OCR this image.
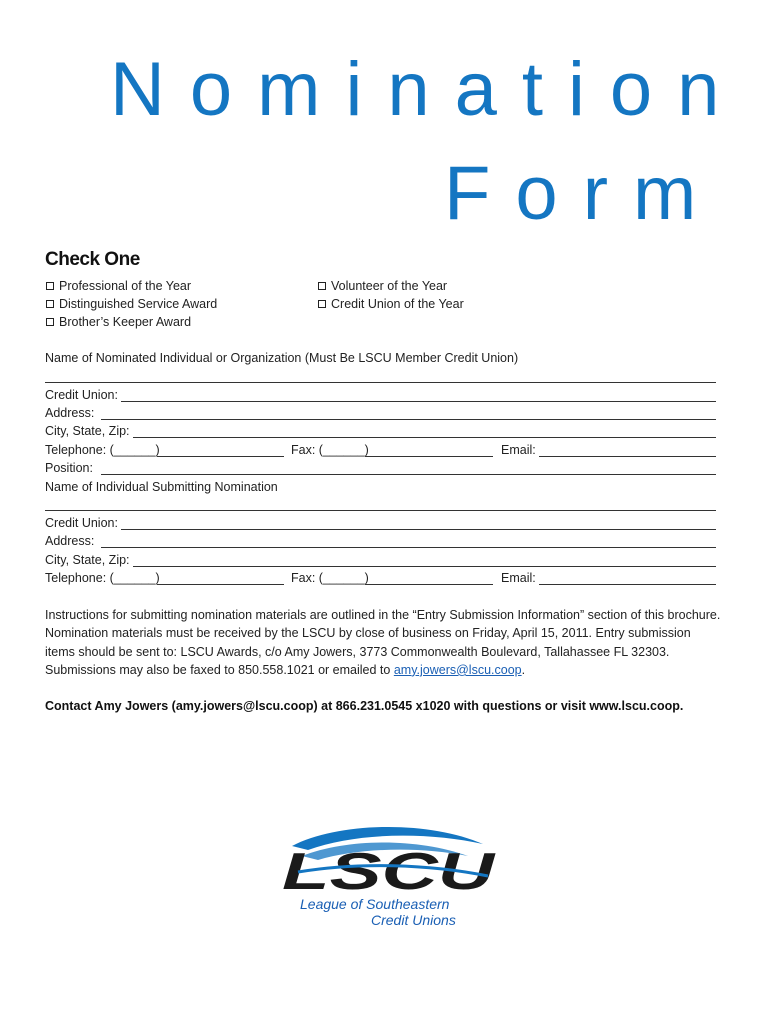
Nomination
Form
Check One
Professional of the Year
Distinguished Service Award
Brother’s Keeper Award
Volunteer of the Year
Credit Union of the Year
Name of Nominated Individual or Organization (Must Be LSCU Member Credit Union)
Credit Union:
Address:
City, State, Zip:
Telephone: (______)	Fax: (______)	Email:
Position:
Name of Individual Submitting Nomination
Credit Union:
Address:
City, State, Zip:
Telephone: (______)	Fax: (______)	Email:

Instructions for submitting nomination materials are outlined in the “Entry Submission Information” section of this brochure.

Nomination materials must be received by the LSCU by close of business on Friday, April 15, 2011. Entry submission

items should be sent to: LSCU Awards, c/o Amy Jowers, 3773 Commonwealth Boulevard, Tallahassee FL 32303.

Submissions may also be faxed to 850.558.1021 or emailed to amy.jowers@lscu.coop.

Contact Amy Jowers (amy.jowers@lscu.coop) at 866.231.0545 x1020 with questions or visit www.lscu.coop.
LSCU
League of Southeastern
Credit Unions
